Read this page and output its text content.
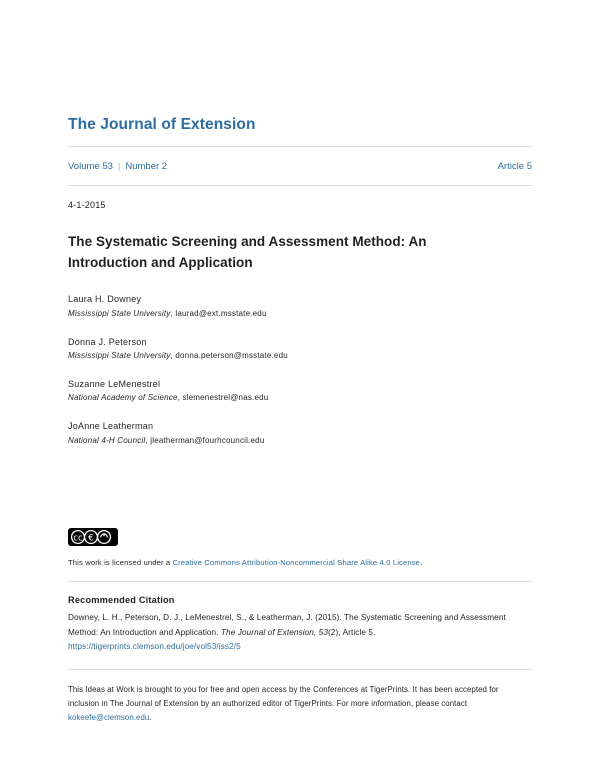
The Journal of Extension
Volume 53 | Number 2	Article 5
4-1-2015
The Systematic Screening and Assessment Method: An Introduction and Application
Laura H. Downey
Mississippi State University, laurad@ext.msstate.edu
Donna J. Peterson
Mississippi State University, donna.peterson@msstate.edu
Suzanne LeMenestrel
National Academy of Science, slemenestrel@nas.edu
JoAnne Leatherman
National 4-H Council, jleatherman@fourhcouncil.edu
cc €
This work is licensed under a Creative Commons Attribution-Noncommercial Share Alike 4.0 License.
Recommended Citation
Downey, L. H., Peterson, D. J., LeMenestrel, S., & Leatherman, J. (2015). The Systematic Screening and Assessment Method: An Introduction and Application. The Journal of Extension, 53(2), Article 5.
https://tigerprints.clemson.edu/joe/vol53/iss2/5
This Ideas at Work is brought to you for free and open access by the Conferences at TigerPrints. It has been accepted for inclusion in The Journal of Extension by an authorized editor of TigerPrints. For more information, please contact kokeefe@clemson.edu.
